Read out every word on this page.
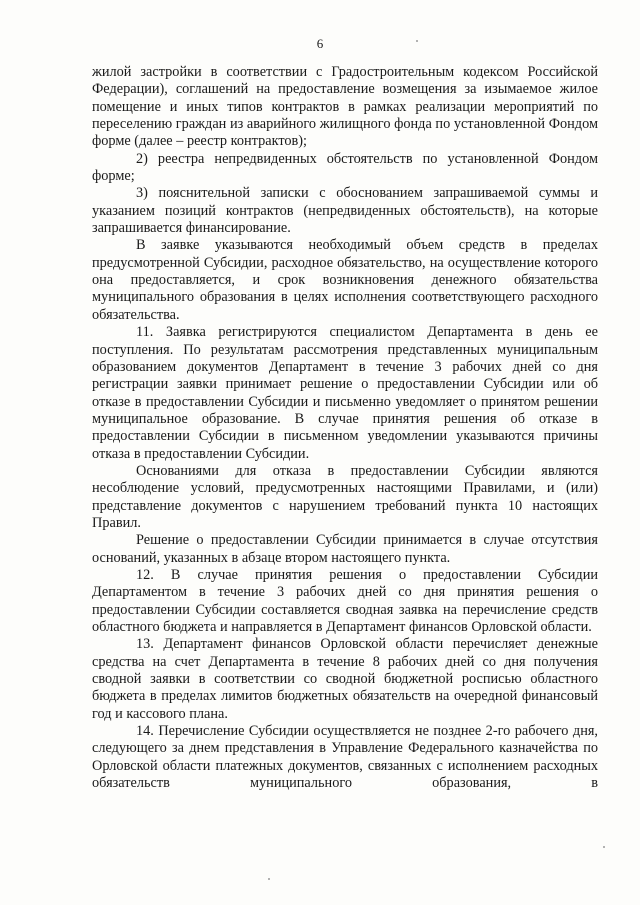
6

жилой застройки в соответствии с Градостроительным кодексом Российской Федерации), соглашений на предоставление возмещения за изымаемое жилое помещение и иных типов контрактов в рамках реализации мероприятий по переселению граждан из аварийного жилищного фонда по установленной Фондом форме (далее – реестр контрактов);

2) реестра непредвиденных обстоятельств по установленной Фондом форме;

3) пояснительной записки с обоснованием запрашиваемой суммы и указанием позиций контрактов (непредвиденных обстоятельств), на которые запрашивается финансирование.

В заявке указываются необходимый объем средств в пределах предусмотренной Субсидии, расходное обязательство, на осуществление которого она предоставляется, и срок возникновения денежного обязательства муниципального образования в целях исполнения соответствующего расходного обязательства.

11. Заявка регистрируются специалистом Департамента в день ее поступления. По результатам рассмотрения представленных муниципальным образованием документов Департамент в течение 3 рабочих дней со дня регистрации заявки принимает решение о предоставлении Субсидии или об отказе в предоставлении Субсидии и письменно уведомляет о принятом решении муниципальное образование. В случае принятия решения об отказе в предоставлении Субсидии в письменном уведомлении указываются причины отказа в предоставлении Субсидии.

Основаниями для отказа в предоставлении Субсидии являются несоблюдение условий, предусмотренных настоящими Правилами, и (или) представление документов с нарушением требований пункта 10 настоящих Правил.

Решение о предоставлении Субсидии принимается в случае отсутствия оснований, указанных в абзаце втором настоящего пункта.

12. В случае принятия решения о предоставлении Субсидии Департаментом в течение 3 рабочих дней со дня принятия решения о предоставлении Субсидии составляется сводная заявка на перечисление средств областного бюджета и направляется в Департамент финансов Орловской области.

13. Департамент финансов Орловской области перечисляет денежные средства на счет Департамента в течение 8 рабочих дней со дня получения сводной заявки в соответствии со сводной бюджетной росписью областного бюджета в пределах лимитов бюджетных обязательств на очередной финансовый год и кассового плана.

14. Перечисление Субсидии осуществляется не позднее 2-го рабочего дня, следующего за днем представления в Управление Федерального казначейства по Орловской области платежных документов, связанных с исполнением расходных обязательств муниципального образования, в
